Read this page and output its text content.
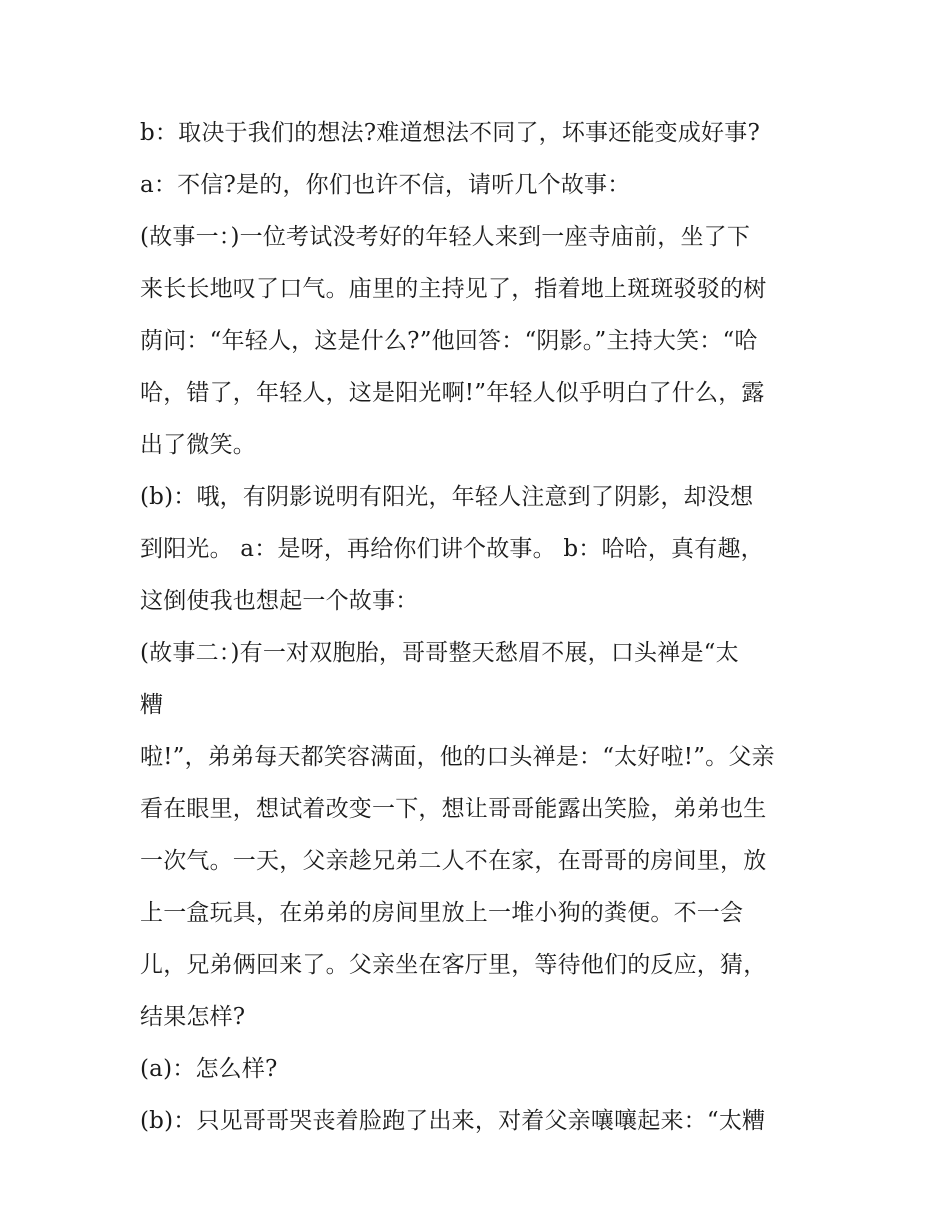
b：取决于我们的想法?难道想法不同了，坏事还能变成好事?
a：不信?是的，你们也许不信，请听几个故事：
(故事一：)一位考试没考好的年轻人来到一座寺庙前，坐了下
来长长地叹了口气。庙里的主持见了，指着地上斑斑驳驳的树
荫问：“年轻人，这是什么?”他回答：“阴影。”主持大笑：“哈
哈，错了，年轻人，这是阳光啊!”年轻人似乎明白了什么，露
出了微笑。
(b)：哦，有阴影说明有阳光，年轻人注意到了阴影，却没想
到阳光。 a：是呀，再给你们讲个故事。 b：哈哈，真有趣，
这倒使我也想起一个故事：
(故事二：)有一对双胞胎，哥哥整天愁眉不展，口头禅是“太
糟
啦!”，弟弟每天都笑容满面，他的口头禅是：“太好啦!”。父亲
看在眼里，想试着改变一下，想让哥哥能露出笑脸，弟弟也生
一次气。一天，父亲趁兄弟二人不在家，在哥哥的房间里，放
上一盒玩具，在弟弟的房间里放上一堆小狗的粪便。不一会
儿，兄弟俩回来了。父亲坐在客厅里，等待他们的反应，猜，
结果怎样?
(a)：怎么样?
(b)：只见哥哥哭丧着脸跑了出来，对着父亲嚷嚷起来：“太糟
